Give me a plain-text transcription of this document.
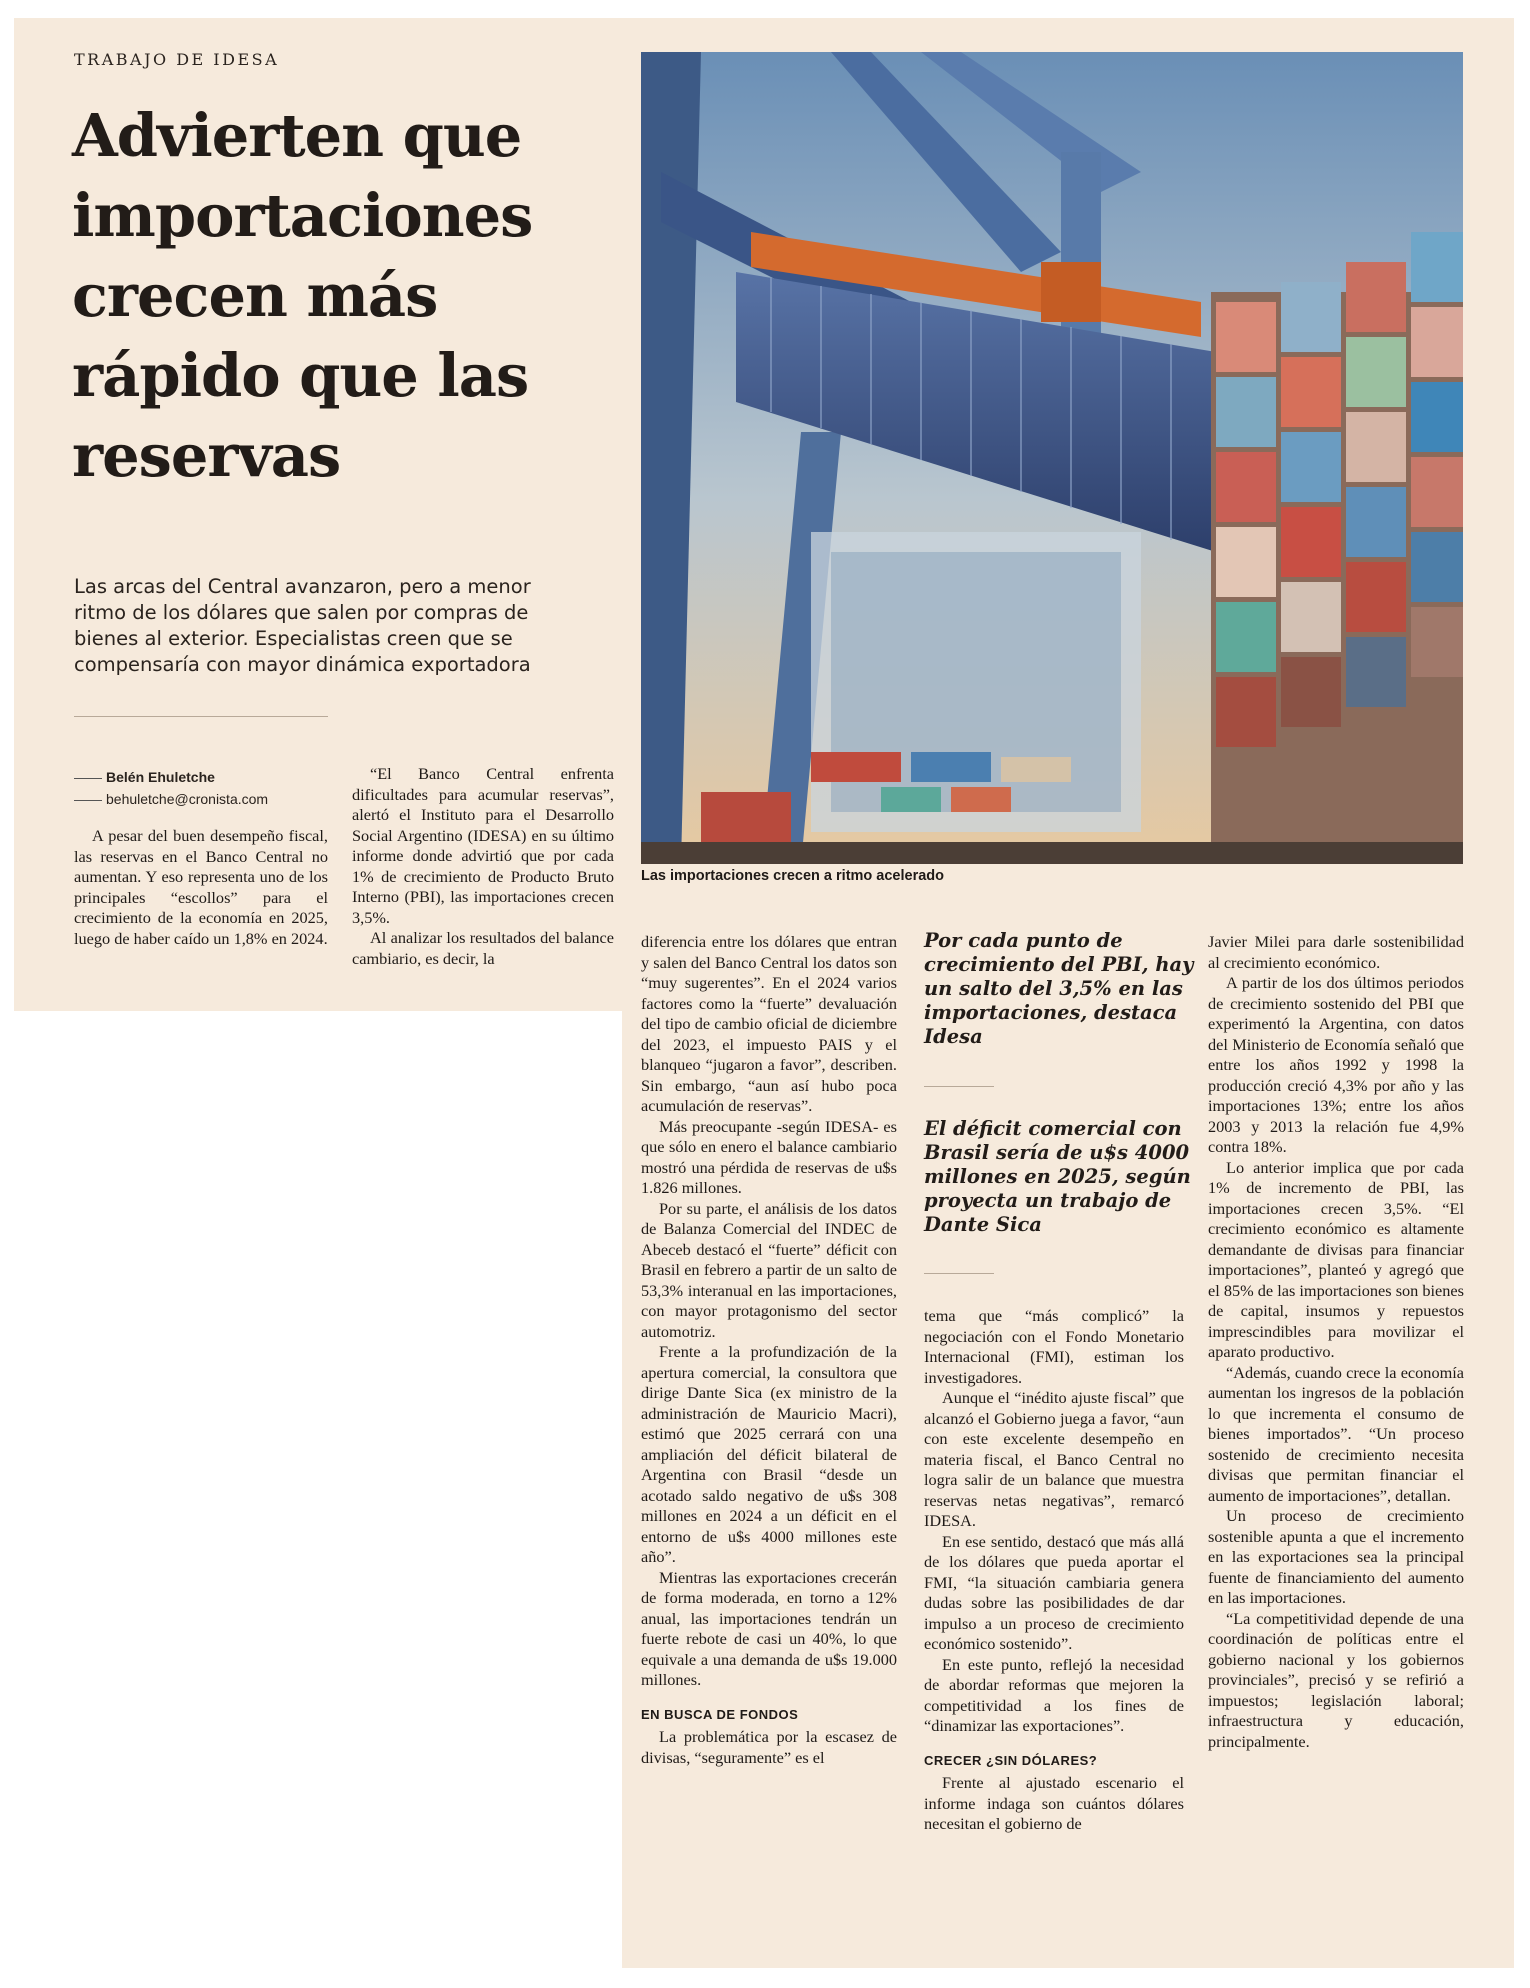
TRABAJO DE IDESA
Advierten que importaciones crecen más rápido que las reservas

Las arcas del Central avanzaron, pero a menor ritmo de los dólares que salen por compras de bienes al exterior. Especialistas creen que se compensaría con mayor dinámica exportadora

Belén Ehuletche
behuletche@cronista.com

A pesar del buen desempeño fiscal, las reservas en el Banco Central no aumentan. Y eso representa uno de los principales “escollos” para el crecimiento de la economía en 2025, luego de haber caído un 1,8% en 2024.

“El Banco Central enfrenta dificultades para acumular reservas”, alertó el Instituto para el Desarrollo Social Argentino (IDESA) en su último informe donde advirtió que por cada 1% de crecimiento de Producto Bruto Interno (PBI), las importaciones crecen 3,5%.

Al analizar los resultados del balance cambiario, es decir, la

Las importaciones crecen a ritmo acelerado

diferencia entre los dólares que entran y salen del Banco Central los datos son “muy sugerentes”. En el 2024 varios factores como la “fuerte” devaluación del tipo de cambio oficial de diciembre del 2023, el impuesto PAIS y el blanqueo “jugaron a favor”, describen. Sin embargo, “aun así hubo poca acumulación de reservas”.

Más preocupante -según IDESA- es que sólo en enero el balance cambiario mostró una pérdida de reservas de u$s 1.826 millones.

Por su parte, el análisis de los datos de Balanza Comercial del INDEC de Abeceb destacó el “fuerte” déficit con Brasil en febrero a partir de un salto de 53,3% interanual en las importaciones, con mayor protagonismo del sector automotriz.

Frente a la profundización de la apertura comercial, la consultora que dirige Dante Sica (ex ministro de la administración de Mauricio Macri), estimó que 2025 cerrará con una ampliación del déficit bilateral de Argentina con Brasil “desde un acotado saldo negativo de u$s 308 millones en 2024 a un déficit en el entorno de u$s 4000 millones este año”.

Mientras las exportaciones crecerán de forma moderada, en torno a 12% anual, las importaciones tendrán un fuerte rebote de casi un 40%, lo que equivale a una demanda de u$s 19.000 millones.

EN BUSCA DE FONDOS

La problemática por la escasez de divisas, “seguramente” es el

Por cada punto de crecimiento del PBI, hay un salto del 3,5% en las importaciones, destaca Idesa

El déficit comercial con Brasil sería de u$s 4000 millones en 2025, según proyecta un trabajo de Dante Sica

tema que “más complicó” la negociación con el Fondo Monetario Internacional (FMI), estiman los investigadores.

Aunque el “inédito ajuste fiscal” que alcanzó el Gobierno juega a favor, “aun con este excelente desempeño en materia fiscal, el Banco Central no logra salir de un balance que muestra reservas netas negativas”, remarcó IDESA.

En ese sentido, destacó que más allá de los dólares que pueda aportar el FMI, “la situación cambiaria genera dudas sobre las posibilidades de dar impulso a un proceso de crecimiento económico sostenido”.

En este punto, reflejó la necesidad de abordar reformas que mejoren la competitividad a los fines de “dinamizar las exportaciones”.

CRECER ¿SIN DÓLARES?

Frente al ajustado escenario el informe indaga son cuántos dólares necesitan el gobierno de

Javier Milei para darle sostenibilidad al crecimiento económico.

A partir de los dos últimos periodos de crecimiento sostenido del PBI que experimentó la Argentina, con datos del Ministerio de Economía señaló que entre los años 1992 y 1998 la producción creció 4,3% por año y las importaciones 13%; entre los años 2003 y 2013 la relación fue 4,9% contra 18%.

Lo anterior implica que por cada 1% de incremento de PBI, las importaciones crecen 3,5%. “El crecimiento económico es altamente demandante de divisas para financiar importaciones”, planteó y agregó que el 85% de las importaciones son bienes de capital, insumos y repuestos imprescindibles para movilizar el aparato productivo.

“Además, cuando crece la economía aumentan los ingresos de la población lo que incrementa el consumo de bienes importados”. “Un proceso sostenido de crecimiento necesita divisas que permitan financiar el aumento de importaciones”, detallan.

Un proceso de crecimiento sostenible apunta a que el incremento en las exportaciones sea la principal fuente de financiamiento del aumento en las importaciones.

“La competitividad depende de una coordinación de políticas entre el gobierno nacional y los gobiernos provinciales”, precisó y se refirió a impuestos; legislación laboral; infraestructura y educación, principalmente.
